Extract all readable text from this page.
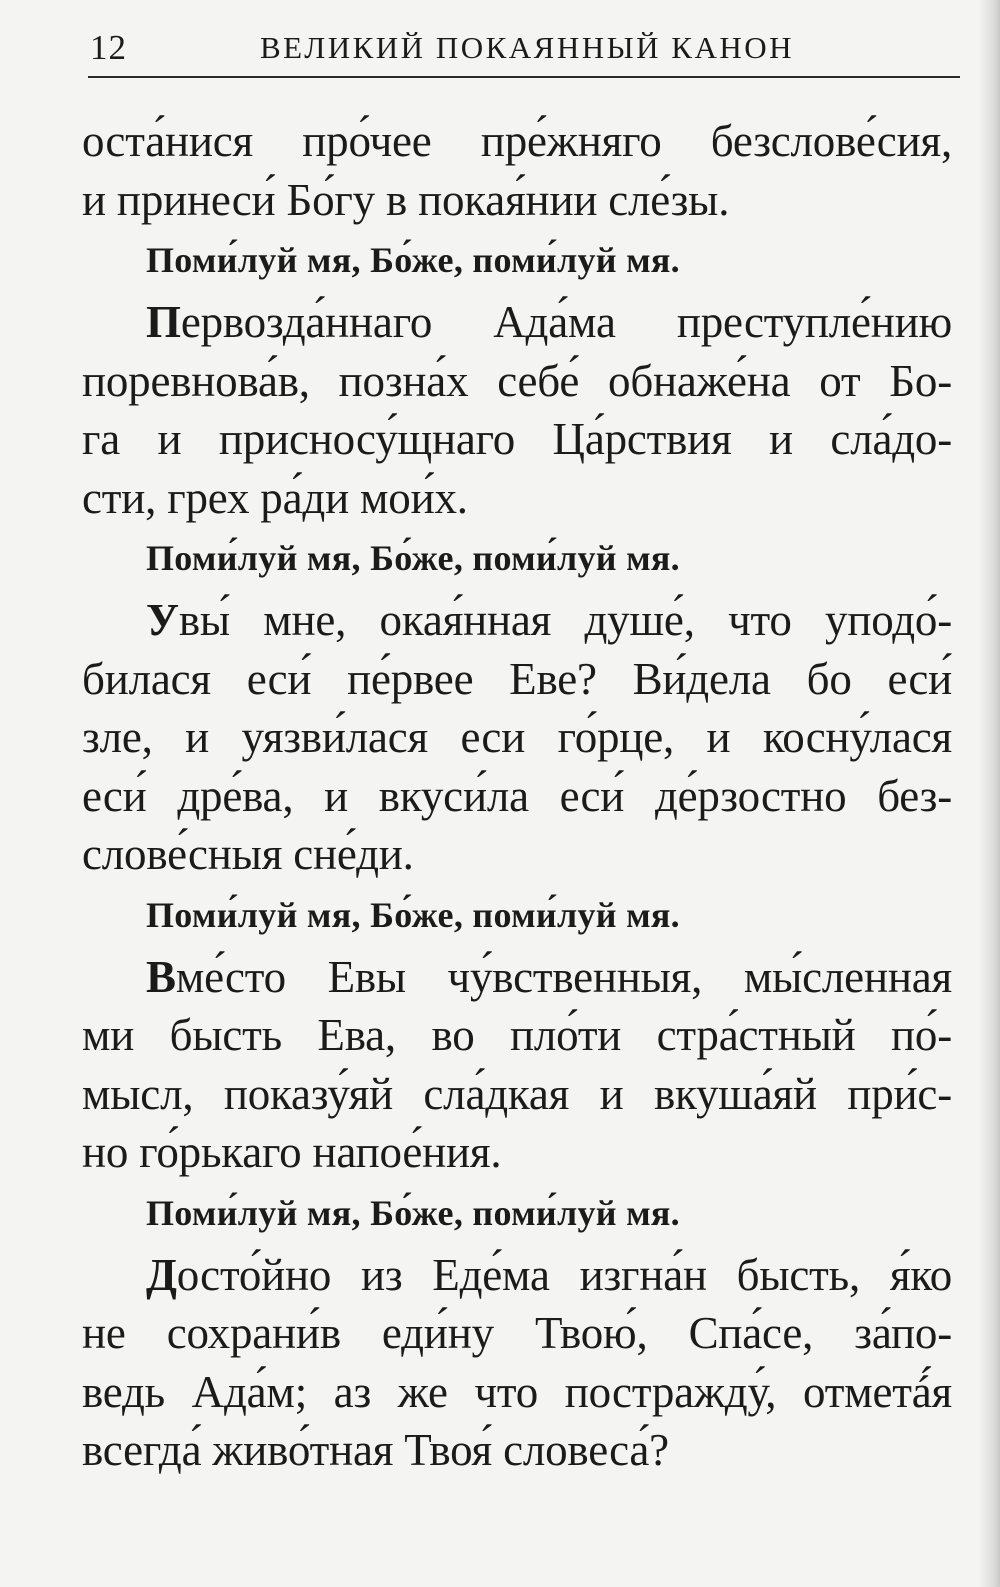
12	ВЕЛИКИЙ ПОКАЯННЫЙ КАНОН
оста́нися про́чее пре́жняго безслове́сия,
и принеси́ Бо́гу в покая́нии сле́зы.
Поми́луй мя, Бо́же, поми́луй мя.
Первозда́ннаго Ада́ма преступле́нию
поревнова́в, позна́х себе́ обнаже́на от Бо-
га и присносу́щнаго Ца́рствия и сла́до-
сти, грех ра́ди мои́х.
Поми́луй мя, Бо́же, поми́луй мя.
Увы́ мне, окая́нная душе́, что уподо́-
билася еси́ пе́рвее Еве? Ви́дела бо еси́
зле, и уязви́лася еси го́рце, и косну́лася
еси́ дре́ва, и вкуси́ла еси́ де́рзостно без-
слове́сныя сне́ди.
Поми́луй мя, Бо́же, поми́луй мя.
Вме́сто Евы чу́вственныя, мы́сленная
ми бысть Ева, во пло́ти стра́стный по́-
мысл, показу́яй сла́дкая и вкуша́яй при́с-
но го́рькаго напое́ния.
Поми́луй мя, Бо́же, поми́луй мя.
Досто́йно из Еде́ма изгна́н бысть, я́ко
не сохрани́в еди́ну Твою́, Спа́се, за́по-
ведь Ада́м; аз же что постражду́, отметá́я
всегда́ живо́тная Твоя́ словеса́?
